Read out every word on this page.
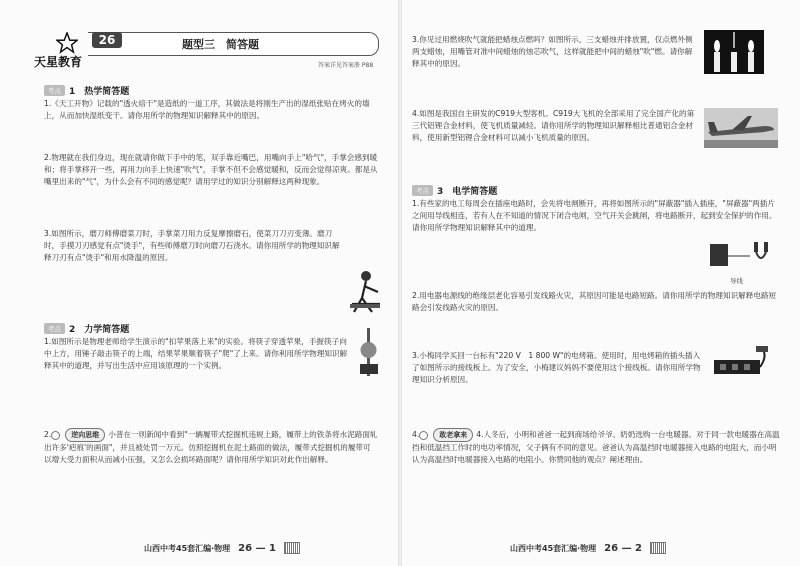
天星教育
26	题型三　简答题
答案详见答案册 P88
考点 1　热学简答题

1.《天工开物》记载的"透火焙干"是造纸的一道工序，其做法是将刚生产出的湿纸张贴在烤火的墙上，从而加快湿纸变干。请你用所学的物理知识解释其中的原因。

2.物理就在我们身边，现在就请你做下手中的笔，双手靠近嘴巴，用嘴向手上"哈气"，手掌会感到暖和；将手掌移开一些，再用力向手上快速"吹气"，手掌不但不会感觉暖和，反而会觉得凉爽。都是从嘴里出来的"气"，为什么会有不同的感觉呢？请用学过的知识分别解释这两种现象。

3.如图所示，磨刀师傅磨菜刀时，手掌菜刀用力反复摩擦磨石，使菜刀刀刃变薄。磨刀时，手摸刀刃感觉有点"烫手"，有些师傅磨刀时向磨刀石浇水。请你用所学的物理知识解释刀刃有点"烫手"和用水降温的原因。

考点 2　力学简答题

1.如图所示是物理老师给学生演示的"扣苹果落上来"的实验。将筷子穿透苹果，手握筷子向中上方，用锤子敲击筷子的上端，结果苹果顺着筷子"爬"了上来。请你利用所学物理知识解释其中的道理，并写出生活中应用该原理的一个实例。

2.	逆向思维 小普在一则新闻中看到"一辆履带式挖掘机违规上路，履带上的铁条将水泥路面轧出许多'疤痕'的画面"，并且被处罚一万元。仿照挖掘机在泥土路面的做法，履带式挖掘机的履带可以增大受力面积从而减小压强，又怎么会损坏路面呢？请你用所学知识对此作出解释。

山西中考45套汇编·物理 26 — 1

3.你见过用燃烧吹气就能把蜡烛点燃吗？如图所示，三支蜡烛并排放置，仅点燃外侧两支蜡烛，用嘴管对准中间蜡烛的烛芯吹气，这样就能把中间的蜡烛"吹"燃。请你解释其中的原因。

4.如图是我国自主研发的C919大型客机。C919大飞机的全部采用了完全国产化的第三代铝锂合金材料，使飞机质量减轻。请你用所学的物理知识解释相比普通铝合金材料，使用新型铝锂合金材料可以减小飞机质量的原因。

考点 3　电学简答题

1.有些家的电工每周会在插座电路时，会先将电闸断开，再将如图所示的"屏蔽器"插入插座，"屏蔽器"两插片之间用导线相连，若有人在不知道的情况下闭合电闸，空气开关会跳闸，将电路断开，起到安全保护的作用。请你用所学物理知识解释其中的道理。

导线

2.用电器电源线的绝缘层老化容易引发线路火灾，其原因可能是电路短路。请你用所学的物理知识解释电路短路会引发线路火灾的原因。

3.小梅同学买回一台标有"220 V　1 800 W"的电烤箱。使用时，用电烤箱的插头插入了如图所示的接线板上。为了安全，小梅建议妈妈不要使用这个接线板。请你用所学物理知识分析原因。

4.	敢老拿来 4.人冬后，小明和爸爸一起到商场给爷爷、奶奶选购一台电暖器。对于同一款电暖器在高温挡和低温挡工作时的电功率情况，父子俩有不同的意见。爸爸认为高温挡时电暖器接入电路的电阻大，而小明认为高温挡时电暖器接入电路的电阻小。你赞同他的观点？阐述理由。

山西中考45套汇编·物理 26 — 2
